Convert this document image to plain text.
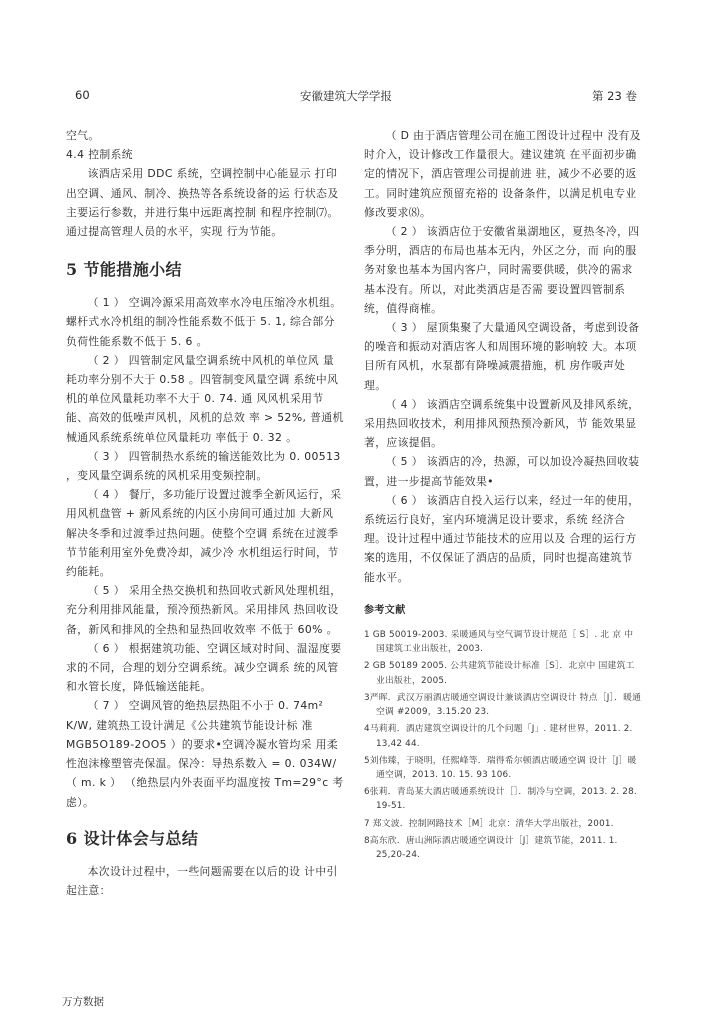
60	安徽建筑大学学报	第 23 卷

空气。

4.4 控制系统

该酒店采用 DDC 系统，空调控制中心能显示 打印出空调、通风、制冷、换热等各系统设备的运 行状态及主要运行参数，并进行集中远距离控制 和程序控制⑺。通过提高管理人员的水平，实现 行为节能。

5 节能措施小结

（ 1 ） 空调冷源采用高效率水冷电压缩冷水机组。螺杆式水冷机组的制冷性能系数不低于 5. 1, 综合部分负荷性能系数不低于 5. 6 。

（ 2 ） 四管制定风量空调系统中风机的单位风 量耗功率分别不大于 0.58 。四管制变风量空调 系统中风机的单位风量耗功率不大于 0. 74. 通 风风机采用节能、高效的低噪声风机，风机的总效 率 > 52%, 普通机械通风系统系统单位风量耗功 率低于 0. 32 。

（ 3 ） 四管制热水系统的输送能效比为 0. 00513 ，变风量空调系统的风机采用变频控制。

（ 4 ） 餐厅，多功能厅设置过渡季全新风运行，采用风机盘管 + 新风系统的内区小房间可通过加 大新风解决冬季和过渡季过热问题。使整个空调 系统在过渡季节节能利用室外免费冷却，减少冷 水机组运行时间，节约能耗。

（ 5 ） 采用全热交换机和热回收式新风处理机组，充分利用排风能量，预冷预热新风。采用排风 热回收设备，新风和排风的全热和显热回收效率 不低于 60% 。

（ 6 ） 根据建筑功能、空调区域对时间、温湿度要求的不同，合理的划分空调系统。减少空调系 统的风管和水管长度，降低输送能耗。

（ 7 ） 空调风管的绝热层热阻不小于 0. 74m² K/W, 建筑热工设计满足《公共建筑节能设计标 准 MGB5O189-2OO5 ）的要求•空调冷凝水管均采 用柔性泡沫橡塑管壳保温。保冷：导热系数入 = 0. 034W/ （ m. k ） （绝热层内外表面平均温度按 Tm=29°c 考虑）。

6 设计体会与总结

本次设计过程中，一些问题需要在以后的设 计中引起注意：

（ D 由于酒店管理公司在施工图设计过程中 没有及时介入，设计修改工作量很大。建议建筑 在平面初步确定的情况下，酒店管理公司提前进 驻，减少不必要的返工。同时建筑应预留充裕的 设备条件，以满足机电专业修改要求⑻。

（ 2 ） 该酒店位于安徽省巢湖地区，夏热冬冷，四季分明，酒店的布局也基本无内，外区之分，而 向的服务对象也基本为国内客户，同时需要供暖，供冷的需求基本没有。所以，对此类酒店是否需 要设置四管制系统，值得商榷。

（ 3 ） 屋顶集聚了大量通风空调设备，考虑到设备的噪音和振动对酒店客人和周围环境的影响较 大。本项目所有风机，水泵都有降噪减震措施，机 房作吸声处理。

（ 4 ） 该酒店空调系统集中设置新风及排风系统，采用热回收技术，利用排风预热预冷新风，节 能效果显著，应该提倡。

（ 5 ） 该酒店的冷，热源，可以加设冷凝热回收装置，进一步提高节能效果•

（ 6 ） 该酒店自投入运行以来，经过一年的使用，系统运行良好，室内环境满足设计要求，系统 经济合理。设计过程中通过节能技术的应用以及 合理的运行方案的选用，不仅保证了酒店的品质，同时也提高建筑节能水平。

参考文献

1 GB 50019-2003. 采暖通风与空气调节设计规范［ S］. 北 京 中国建筑工业出版社，2003.
2 GB 50189 2005. 公共建筑节能设计标准［S］．北京中 国建筑工业出版社，2005.
3严晖．武汉万丽酒店暖通空调设计兼谈酒店空调设计 特点［J］．暖通空调 #2009，3.15.20 23.
4马莉莉．酒店建筑空调设计的几个问题「J」. 建材世界，2011. 2. 13,42 44.
5刘伟臻，于晓明，任熙峰等．瑞得希尔顿酒店暖通空调 设计［J］暖通空调，2013. 10. 15. 93 106.
6张莉．青岛某大酒店暖通系统设计［］．制冷与空调，2013. 2. 28. 19-51.
7 郑文波．控制网路技术［M］北京：清华大学出版社，2001.
8高东欣．唐山洲际酒店暖通空调设计［J］建筑节能，2011. 1. 25,20-24.
万方数据
